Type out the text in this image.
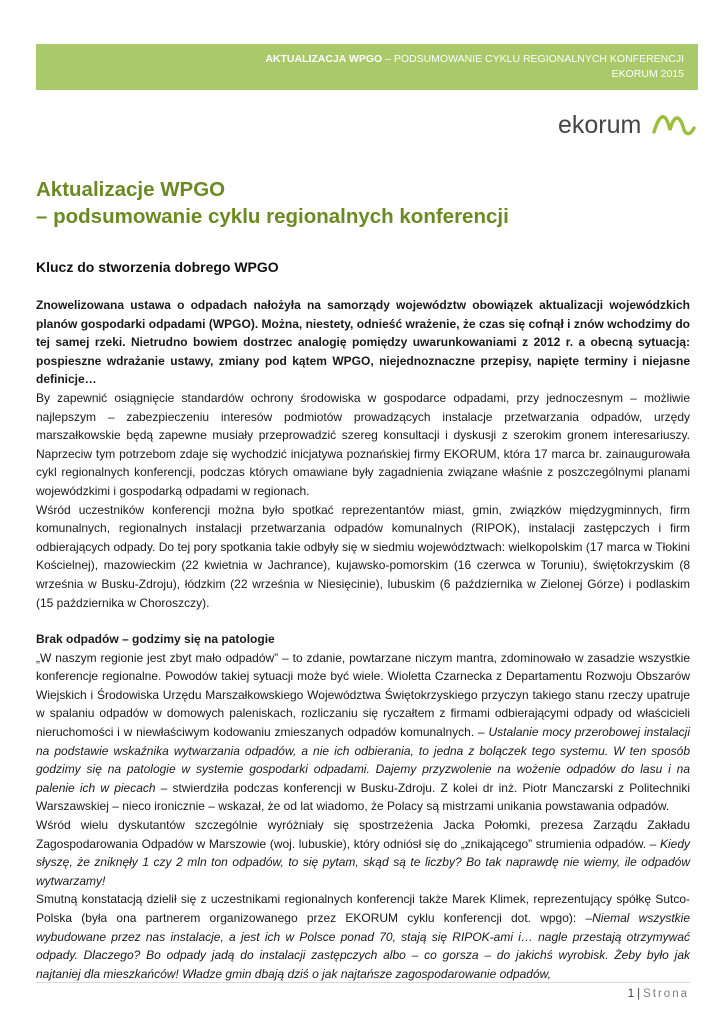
AKTUALIZACJA WPGO – PODSUMOWANIE CYKLU REGIONALNYCH KONFERENCJI
EKORUM 2015
ekorum
Aktualizacje WPGO
– podsumowanie cyklu regionalnych konferencji
Klucz do stworzenia dobrego WPGO

Znowelizowana ustawa o odpadach nałożyła na samorządy województw obowiązek aktualizacji wojewódzkich planów gospodarki odpadami (WPGO). Można, niestety, odnieść wrażenie, że czas się cofnął i znów wchodzimy do tej samej rzeki. Nietrudno bowiem dostrzec analogię pomiędzy uwarunkowaniami z 2012 r. a obecną sytuacją: pospieszne wdrażanie ustawy, zmiany pod kątem WPGO, niejednoznaczne przepisy, napięte terminy i niejasne definicje…

By zapewnić osiągnięcie standardów ochrony środowiska w gospodarce odpadami, przy jednoczesnym – możliwie najlepszym – zabezpieczeniu interesów podmiotów prowadzących instalacje przetwarzania odpadów, urzędy marszałkowskie będą zapewne musiały przeprowadzić szereg konsultacji i dyskusji z szerokim gronem interesariuszy. Naprzeciw tym potrzebom zdaje się wychodzić inicjatywa poznańskiej firmy EKORUM, która 17 marca br. zainaugurowała cykl regionalnych konferencji, podczas których omawiane były zagadnienia związane właśnie z poszczególnymi planami wojewódzkimi i gospodarką odpadami w regionach.

Wśród uczestników konferencji można było spotkać reprezentantów miast, gmin, związków międzygminnych, firm komunalnych, regionalnych instalacji przetwarzania odpadów komunalnych (RIPOK), instalacji zastępczych i firm odbierających odpady. Do tej pory spotkania takie odbyły się w siedmiu województwach: wielkopolskim (17 marca w Tłokini Kościelnej), mazowieckim (22 kwietnia w Jachrance), kujawsko-pomorskim (16 czerwca w Toruniu), świętokrzyskim (8 września w Busku-Zdroju), łódzkim (22 września w Niesięcinie), lubuskim (6 października w Zielonej Górze) i podlaskim (15 października w Choroszczy).

Brak odpadów – godzimy się na patologie

„W naszym regionie jest zbyt mało odpadów” – to zdanie, powtarzane niczym mantra, zdominowało w zasadzie wszystkie konferencje regionalne. Powodów takiej sytuacji może być wiele. Wioletta Czarnecka z Departamentu Rozwoju Obszarów Wiejskich i Środowiska Urzędu Marszałkowskiego Województwa Świętokrzyskiego przyczyn takiego stanu rzeczy upatruje w spalaniu odpadów w domowych paleniskach, rozliczaniu się ryczałtem z firmami odbierającymi odpady od właścicieli nieruchomości i w niewłaściwym kodowaniu zmieszanych odpadów komunalnych. – Ustalanie mocy przerobowej instalacji na podstawie wskaźnika wytwarzania odpadów, a nie ich odbierania, to jedna z bolączek tego systemu. W ten sposób godzimy się na patologie w systemie gospodarki odpadami. Dajemy przyzwolenie na wożenie odpadów do lasu i na palenie ich w piecach – stwierdziła podczas konferencji w Busku-Zdroju. Z kolei dr inż. Piotr Manczarski z Politechniki Warszawskiej – nieco ironicznie – wskazał, że od lat wiadomo, że Polacy są mistrzami unikania powstawania odpadów.

Wśród wielu dyskutantów szczególnie wyróżniały się spostrzeżenia Jacka Połomki, prezesa Zarządu Zakładu Zagospodarowania Odpadów w Marszowie (woj. lubuskie), który odniósł się do „znikającego” strumienia odpadów. – Kiedy słyszę, że zniknęły 1 czy 2 mln ton odpadów, to się pytam, skąd są te liczby? Bo tak naprawdę nie wiemy, ile odpadów wytwarzamy!

Smutną konstatacją dzielił się z uczestnikami regionalnych konferencji także Marek Klimek, reprezentujący spółkę Sutco-Polska (była ona partnerem organizowanego przez EKORUM cyklu konferencji dot. wpgo): –Niemal wszystkie wybudowane przez nas instalacje, a jest ich w Polsce ponad 70, stają się RIPOK-ami i… nagle przestają otrzymywać odpady. Dlaczego? Bo odpady jadą do instalacji zastępczych albo – co gorsza – do jakichś wyrobisk. Żeby było jak najtaniej dla mieszkańców! Władze gmin dbają dziś o jak najtańsze zagospodarowanie odpadów,

1 | Strona
